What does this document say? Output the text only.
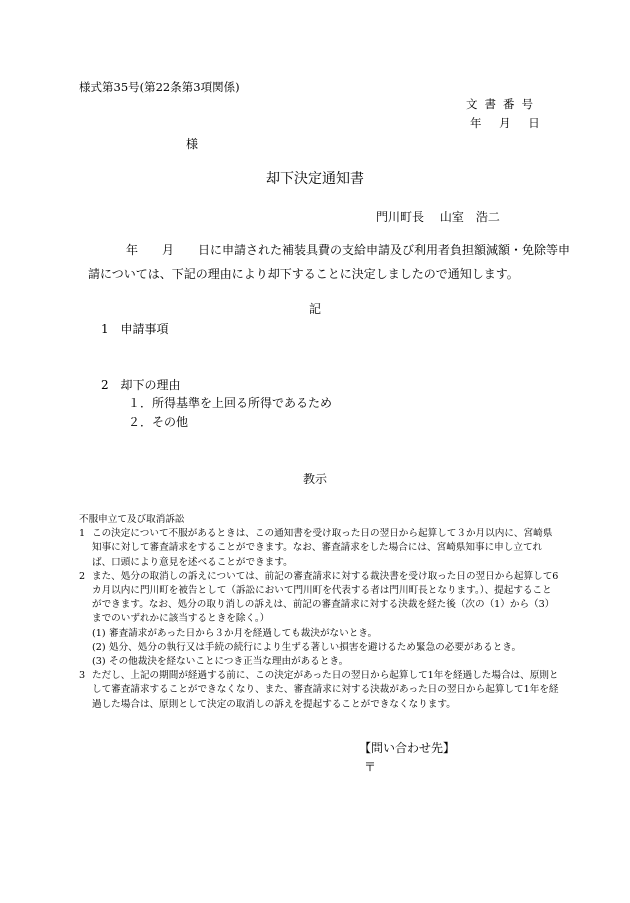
様式第35号(第22条第3項関係)
文書番号
年 月 日
様
却下決定通知書
門川町長 山室　浩二
年　　月　　日に申請された補装具費の支給申請及び利用者負担額減額・免除等申請については、下記の理由により却下することに決定しましたので通知します。
記
1 申請事項
2 却下の理由
１．所得基準を上回る所得であるため
２．その他
教示
不服申立て及び取消訴訟
1 この決定について不服があるときは、この通知書を受け取った日の翌日から起算して３か月以内に、宮崎県知事に対して審査請求をすることができます。なお、審査請求をした場合には、宮崎県知事に申し立てれば、口頭により意見を述べることができます。
2 また、処分の取消しの訴えについては、前記の審査請求に対する裁決書を受け取った日の翌日から起算して6カ月以内に門川町を被告として（訴訟において門川町を代表する者は門川町長となります。）、提起することができます。なお、処分の取り消しの訴えは、前記の審査請求に対する決裁を経た後（次の（1）から（3）までのいずれかに該当するときを除く。）
(1) 審査請求があった日から３か月を経過しても裁決がないとき。
(2) 処分、処分の執行又は手続の続行により生ずる著しい損害を避けるため緊急の必要があるとき。
(3) その他裁決を経ないことにつき正当な理由があるとき。
3 ただし、上記の期間が経過する前に、この決定があった日の翌日から起算して1年を経過した場合は、原則として審査請求することができなくなり、また、審査請求に対する決裁があった日の翌日から起算して1年を経過した場合は、原則として決定の取消しの訴えを提起することができなくなります。
【問い合わせ先】
〒
